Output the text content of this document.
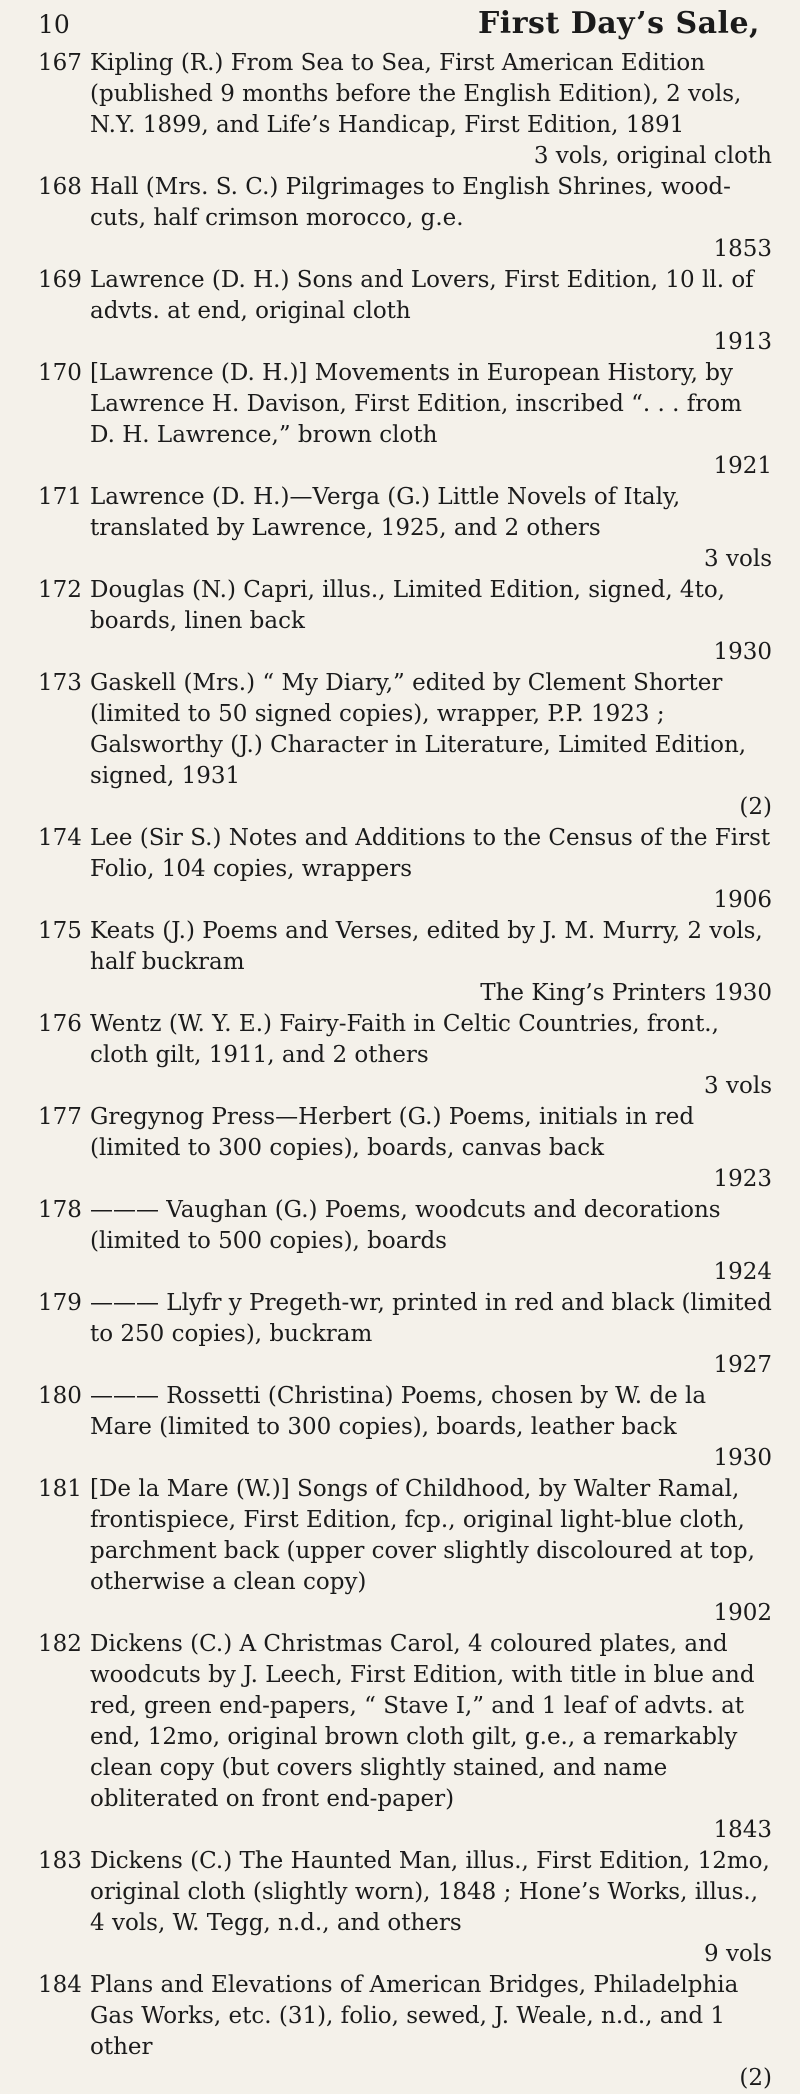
10	First Day’s Sale,
167 Kipling (R.) From Sea to Sea, First American Edition (published 9 months before the English Edition), 2 vols, N.Y. 1899, and Life’s Handicap, First Edition, 1891
3 vols, original cloth
168 Hall (Mrs. S. C.) Pilgrimages to English Shrines, wood-cuts, half crimson morocco, g.e.
1853
169 Lawrence (D. H.) Sons and Lovers, First Edition, 10 ll. of advts. at end, original cloth
1913
170 [Lawrence (D. H.)] Movements in European History, by Lawrence H. Davison, First Edition, inscribed “. . . from D. H. Lawrence,” brown cloth
1921
171 Lawrence (D. H.)—Verga (G.) Little Novels of Italy, translated by Lawrence, 1925, and 2 others
3 vols
172 Douglas (N.) Capri, illus., Limited Edition, signed, 4to, boards, linen back
1930
173 Gaskell (Mrs.) “ My Diary,” edited by Clement Shorter (limited to 50 signed copies), wrapper, P.P. 1923 ; Galsworthy (J.) Character in Literature, Limited Edition, signed, 1931
(2)
174 Lee (Sir S.) Notes and Additions to the Census of the First Folio, 104 copies, wrappers
1906
175 Keats (J.) Poems and Verses, edited by J. M. Murry, 2 vols, half buckram
The King’s Printers 1930
176 Wentz (W. Y. E.) Fairy-Faith in Celtic Countries, front., cloth gilt, 1911, and 2 others
3 vols
177 Gregynog Press—Herbert (G.) Poems, initials in red (limited to 300 copies), boards, canvas back
1923
178 ——— Vaughan (G.) Poems, woodcuts and decorations (limited to 500 copies), boards
1924
179 ——— Llyfr y Pregeth-wr, printed in red and black (limited to 250 copies), buckram
1927
180 ——— Rossetti (Christina) Poems, chosen by W. de la Mare (limited to 300 copies), boards, leather back
1930
181 [De la Mare (W.)] Songs of Childhood, by Walter Ramal, frontispiece, First Edition, fcp., original light-blue cloth, parchment back (upper cover slightly discoloured at top, otherwise a clean copy)
1902
182 Dickens (C.) A Christmas Carol, 4 coloured plates, and woodcuts by J. Leech, First Edition, with title in blue and red, green end-papers, “ Stave I,” and 1 leaf of advts. at end, 12mo, original brown cloth gilt, g.e., a remarkably clean copy (but covers slightly stained, and name obliterated on front end-paper)
1843
183 Dickens (C.) The Haunted Man, illus., First Edition, 12mo, original cloth (slightly worn), 1848 ; Hone’s Works, illus., 4 vols, W. Tegg, n.d., and others
9 vols
184 Plans and Elevations of American Bridges, Philadelphia Gas Works, etc. (31), folio, sewed, J. Weale, n.d., and 1 other
(2)
